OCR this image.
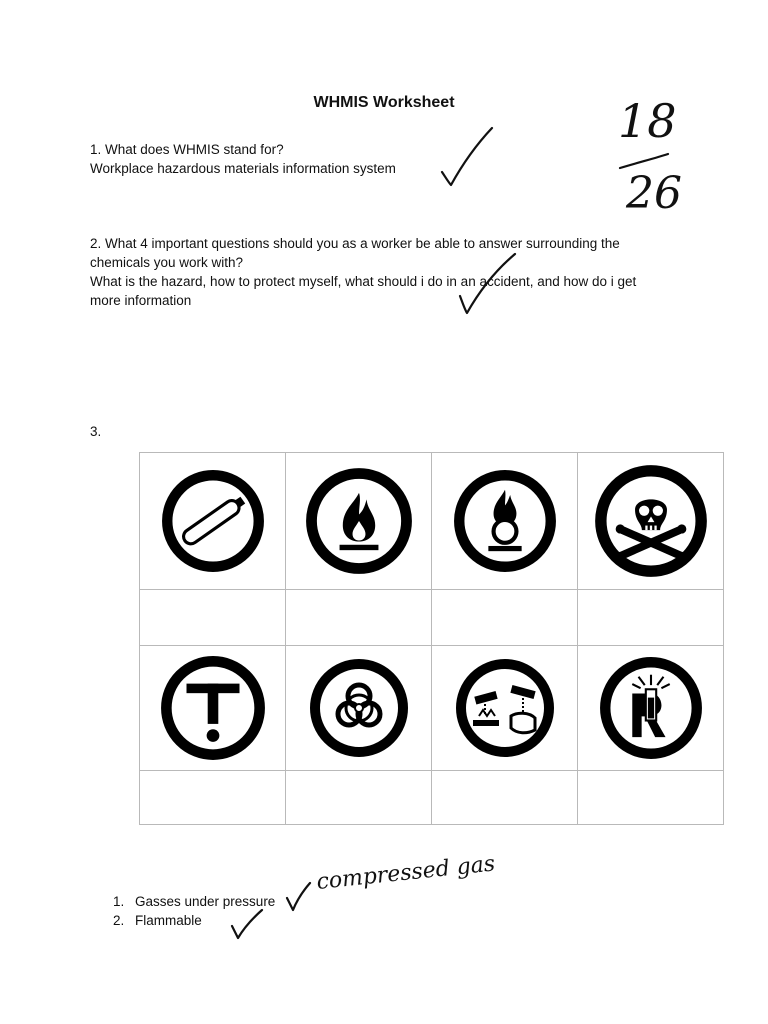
WHMIS Worksheet
1. What does WHMIS stand for?
Workplace hazardous materials information system
2. What 4 important questions should you as a worker be able to answer surrounding the chemicals you work with?
What is the hazard, how to protect myself, what should i do in an accident, and how do i get more information
3.

1. Gasses under pressure
2. Flammable
18
26
compressed gas
